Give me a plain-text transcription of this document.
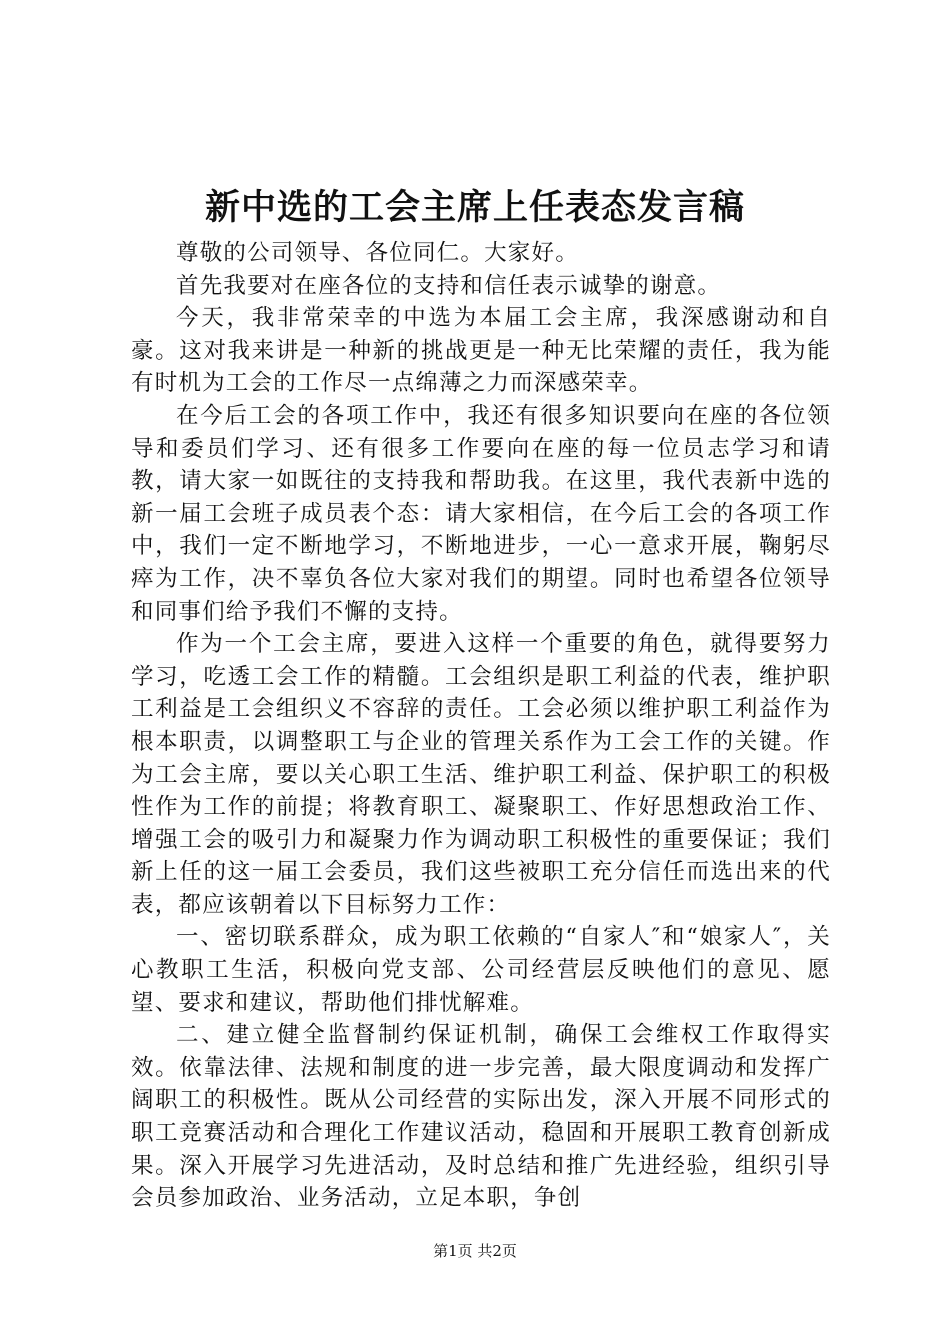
新中选的工会主席上任表态发言稿

尊敬的公司领导、各位同仁。大家好。

首先我要对在座各位的支持和信任表示诚挚的谢意。

今天，我非常荣幸的中选为本届工会主席，我深感谢动和自豪。这对我来讲是一种新的挑战更是一种无比荣耀的责任，我为能有时机为工会的工作尽一点绵薄之力而深感荣幸。

在今后工会的各项工作中，我还有很多知识要向在座的各位领导和委员们学习、还有很多工作要向在座的每一位员志学习和请教，请大家一如既往的支持我和帮助我。在这里，我代表新中选的新一届工会班子成员表个态：请大家相信，在今后工会的各项工作中，我们一定不断地学习，不断地进步，一心一意求开展，鞠躬尽瘁为工作，决不辜负各位大家对我们的期望。同时也希望各位领导和同事们给予我们不懈的支持。

作为一个工会主席，要进入这样一个重要的角色，就得要努力学习，吃透工会工作的精髓。工会组织是职工利益的代表，维护职工利益是工会组织义不容辞的责任。工会必须以维护职工利益作为根本职责，以调整职工与企业的管理关系作为工会工作的关键。作为工会主席，要以关心职工生活、维护职工利益、保护职工的积极性作为工作的前提；将教育职工、凝聚职工、作好思想政治工作、增强工会的吸引力和凝聚力作为调动职工积极性的重要保证；我们新上任的这一届工会委员，我们这些被职工充分信任而选出来的代表，都应该朝着以下目标努力工作：

一、密切联系群众，成为职工依赖的“自家人″和“娘家人″，关心教职工生活，积极向党支部、公司经营层反映他们的意见、愿望、要求和建议，帮助他们排忧解难。

二、建立健全监督制约保证机制，确保工会维权工作取得实效。依靠法律、法规和制度的进一步完善，最大限度调动和发挥广阔职工的积极性。既从公司经营的实际出发，深入开展不同形式的职工竞赛活动和合理化工作建议活动，稳固和开展职工教育创新成果。深入开展学习先进活动，及时总结和推广先进经验，组织引导会员参加政治、业务活动，立足本职，争创

第1页 共2页
